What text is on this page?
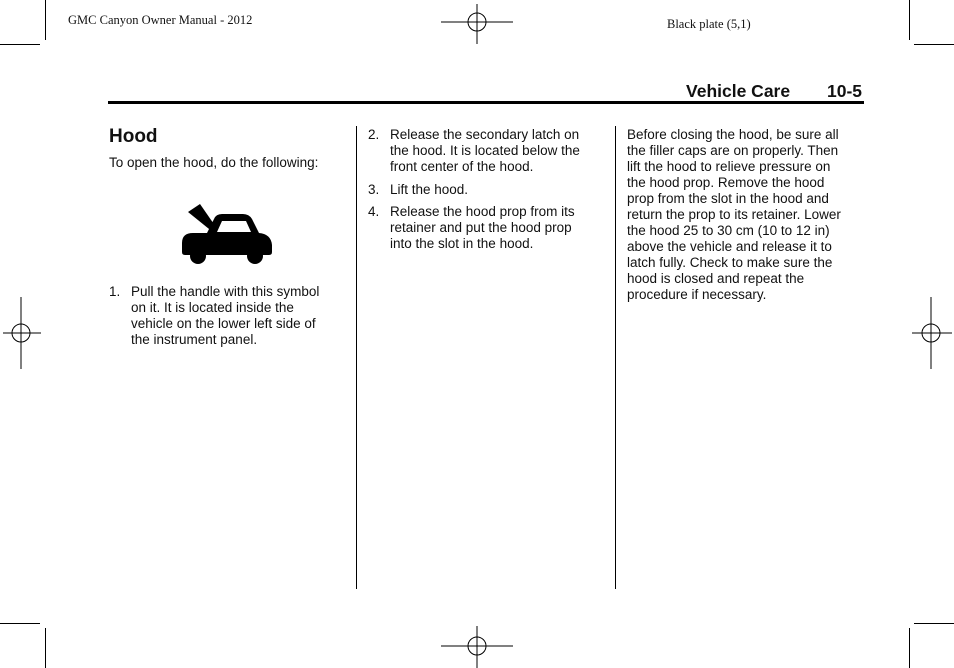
GMC Canyon Owner Manual - 2012	Black plate (5,1)
Vehicle Care 10-5
Hood
To open the hood, do the following:
1. Pull the handle with this symbol
on it. It is located inside the
vehicle on the lower left side of
the instrument panel.
2. Release the secondary latch on
the hood. It is located below the
front center of the hood.
3. Lift the hood.
4. Release the hood prop from its
retainer and put the hood prop
into the slot in the hood.
Before closing the hood, be sure all
the filler caps are on properly. Then
lift the hood to relieve pressure on
the hood prop. Remove the hood
prop from the slot in the hood and
return the prop to its retainer. Lower
the hood 25 to 30 cm (10 to 12 in)
above the vehicle and release it to
latch fully. Check to make sure the
hood is closed and repeat the
procedure if necessary.
